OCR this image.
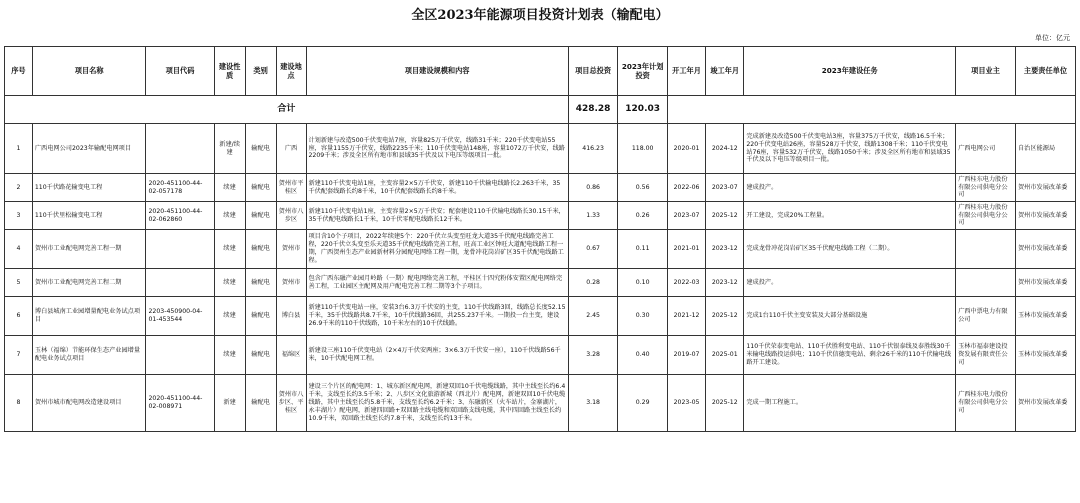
全区2023年能源项目投资计划表（输配电）
单位：亿元
序号	项目名称	项目代码	建设性质	类别	建设地点	项目建设规模和内容	项目总投资	2023年计划投资	开工年月	竣工年月	2023年建设任务	项目业主	主要责任单位
合计							428.28	120.03					
1	广西电网公司2023年输配电网项目		新建/续建	输配电	广西	计划新建与改造500千伏变电站7座，容量825万千伏安，线路31千米；220千伏变电站55座，容量1155万千伏安，线路2235千米；110千伏变电站148座，容量1072万千伏安，线路2209千米；涉及全区所有地市和县域35千伏及以下电压等级项目一批。	416.23	118.00	2020-01	2024-12	完成新建及改造500千伏变电站3座，容量375万千伏安，线路16.5千米；220千伏变电站26座，容量528万千伏安，线路1308千米；110千伏变电站76座，容量532万千伏安，线路1050千米；涉及全区所有地市和县域35千伏及以下电压等级项目一批。	广西电网公司	自治区能源局
2	110千伏路花输变电工程	2020-451100-44-02-057178	续建	输配电	贺州市平桂区	新建110千伏变电站1座，主变容量2×5万千伏安，新建110千伏输电线路长2.263千米，35千伏配套线路长约8千米，10千伏配套线路长约8千米。	0.86	0.56	2022-06	2023-07	建成投产。	广西桂东电力股份有限公司供电分公司	贺州市发展改革委
3	110千伏里松输变电工程	2020-451100-44-02-062860	续建	输配电	贺州市八步区	新建110千伏变电站1座，主变容量2×5万千伏安；配套建设110千伏输电线路长30.15千米，35千伏配电线路长1千米，10千伏零配电线路长12千米。	1.33	0.26	2023-07	2025-12	开工建设，完成20%工程量。	广西桂东电力股份有限公司供电分公司	贺州市发展改革委
4	贺州市工业配电网完善工程一期		续建	输配电	贺州市	项目含10个子项目，2022年续建5个：220千伏立头变至旺龙大道35千伏配电线路完善工程，220千伏立头变至乐天道35千伏配电线路完善工程，旺高工业区钟旺大道配电线路工程一期，广西贺州生态产业园新材料分园配电网络工程一期，龙骨冲花岗岩矿区35千伏配电线路工程。	0.67	0.11	2021-01	2023-12	完成龙骨冲花岗岩矿区35千伏配电线路工程（二期）。		贺州市发展改革委
5	贺州市工业配电网完善工程二期		续建	输配电	贺州市	包含广西东融产业园月岭路（一期）配电网络完善工程，平桂区十四究粉体安置区配电网络完善工程，工业园区主配网及用户配电完善工程二期等3个子项目。	0.28	0.10	2022-03	2023-12	建成投产。		贺州市发展改革委
6	博白县城南工业园增量配电业务试点项目	2203-450900-04-01-453544	续建	输配电	博白县	新建110千伏变电站一座，安装3台6.3万千伏安的主变，110千伏线路3回，线路总长度52.15千米，35千伏线路共8.7千米，10千伏线路36回，共255.237千米。一期投一台主变，建设26.9千米的110千伏线路，10千米左右的10千伏线路。	2.45	0.30	2021-12	2025-12	完成1台110千伏主变安装及大部分基础设施	广西中票电力有限公司	玉林市发展改革委
7	玉林（福绵）节能环保生态产业园增量配电业务试点项目		续建	输配电	福绵区	新建设三座110千伏变电站（2×4万千伏安两座；3×6.3万千伏安一座），110千伏线路56千米，10千伏配电网工程。	3.28	0.40	2019-07	2025-01	110千伏荣泰变电站、110千伏胜利变电站、110千伏银泰线及泰胜线30千米输电线路投运供电；110千伏信德变电站、剩余26千米的110千伏输电线路开工建设。	玉林市福泰建设投资发展有限责任公司	玉林市发展改革委
8	贺州市城市配电网改造建设项目	2020-451100-44-02-008971	新建	输配电	贺州市八步区、平桂区	建设三个片区的配电网：1、城东新区配电网，新建双回10千伏电缆线路，其中主线至长约6.4千米，支线至长约3.5千米；2、八步区文化旅游新城（西北片）配电网，新建双回10千伏电缆线路，其中主线至长约5.8千米，支线至长约6.2千米；3、东融新区（火车站片，金寨湖片，永丰湖片）配电网，新建四回路+双回路主线电缆和双回路支线电缆，其中四回路主线至长约10.9千米，双回路主线至长约7.8千米，支线至长约13千米。	3.18	0.29	2023-05	2025-12	完成一期工程施工。	广西桂东电力股份有限公司供电分公司	贺州市发展改革委
